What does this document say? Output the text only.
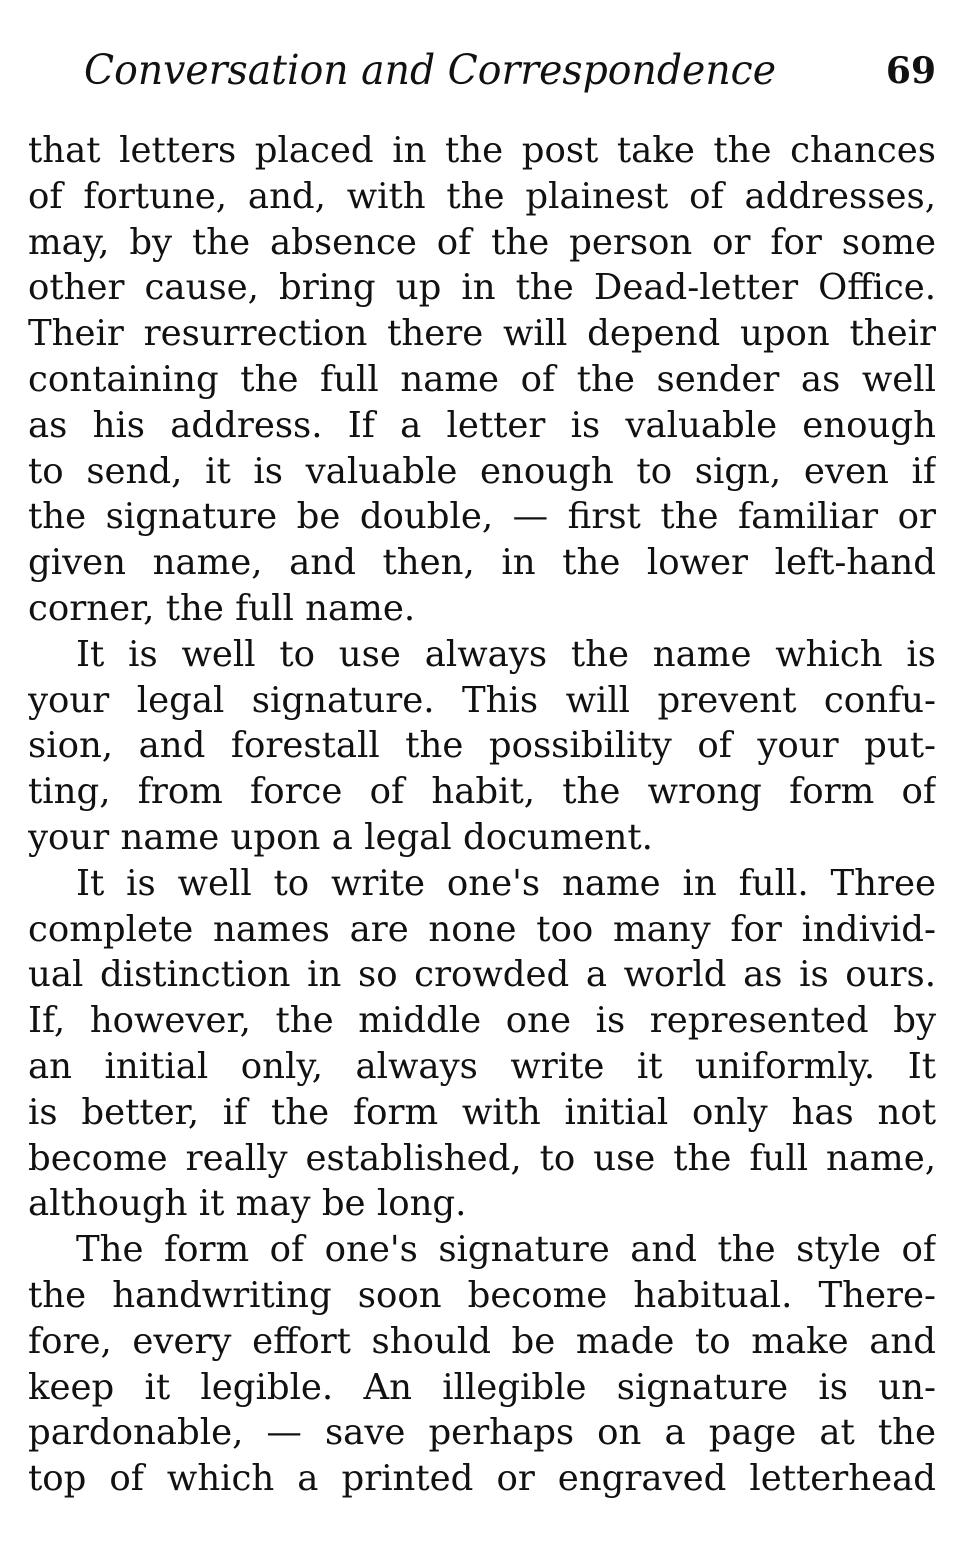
Conversation and Correspondence	69
that letters placed in the post take the chances
of fortune, and, with the plainest of addresses,
may, by the absence of the person or for some
other cause, bring up in the Dead-letter Office.
Their resurrection there will depend upon their
containing the full name of the sender as well
as his address. If a letter is valuable enough
to send, it is valuable enough to sign, even if
the signature be double, — first the familiar or
given name, and then, in the lower left-hand
corner, the full name.
It is well to use always the name which is
your legal signature. This will prevent confu-
sion, and forestall the possibility of your put-
ting, from force of habit, the wrong form of
your name upon a legal document.
It is well to write one's name in full. Three
complete names are none too many for individ-
ual distinction in so crowded a world as is ours.
If, however, the middle one is represented by
an initial only, always write it uniformly. It
is better, if the form with initial only has not
become really established, to use the full name,
although it may be long.
The form of one's signature and the style of
the handwriting soon become habitual. There-
fore, every effort should be made to make and
keep it legible. An illegible signature is un-
pardonable, — save perhaps on a page at the
top of which a printed or engraved letterhead
